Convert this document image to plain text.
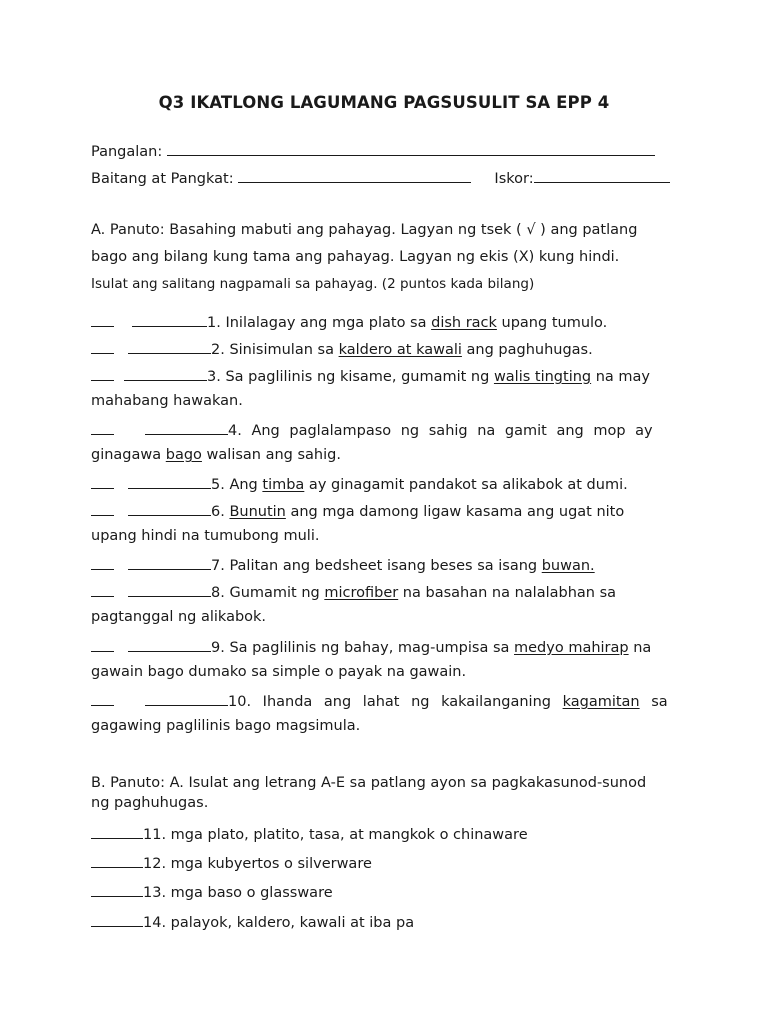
Q3 IKATLONG LAGUMANG PAGSUSULIT SA EPP 4
Pangalan:
Baitang at Pangkat:	Iskor:
A. Panuto: Basahing mabuti ang pahayag. Lagyan ng tsek ( √ ) ang patlang
bago ang bilang kung tama ang pahayag. Lagyan ng ekis (X) kung hindi.
Isulat ang salitang nagpamali sa pahayag. (2 puntos kada bilang)
1. Inilalagay ang mga plato sa dish rack upang tumulo.
2. Sinisimulan sa kaldero at kawali ang paghuhugas.
3. Sa paglilinis ng kisame, gumamit ng walis tingting na may
mahabang hawakan.
4. Ang paglalampaso ng sahig na gamit ang mop ay
ginagawa bago walisan ang sahig.
5. Ang timba ay ginagamit pandakot sa alikabok at dumi.
6. Bunutin ang mga damong ligaw kasama ang ugat nito
upang hindi na tumubong muli.
7. Palitan ang bedsheet isang beses sa isang buwan.
8. Gumamit ng microfiber na basahan na nalalabhan sa
pagtanggal ng alikabok.
9. Sa paglilinis ng bahay, mag-umpisa sa medyo mahirap na
gawain bago dumako sa simple o payak na gawain.
10. Ihanda ang lahat ng kakailanganing kagamitan sa
gagawing paglilinis bago magsimula.
B. Panuto: A. Isulat ang letrang A-E sa patlang ayon sa pagkakasunod-sunod
ng paghuhugas.
11. mga plato, platito, tasa, at mangkok o chinaware
12. mga kubyertos o silverware
13. mga baso o glassware
14. palayok, kaldero, kawali at iba pa
